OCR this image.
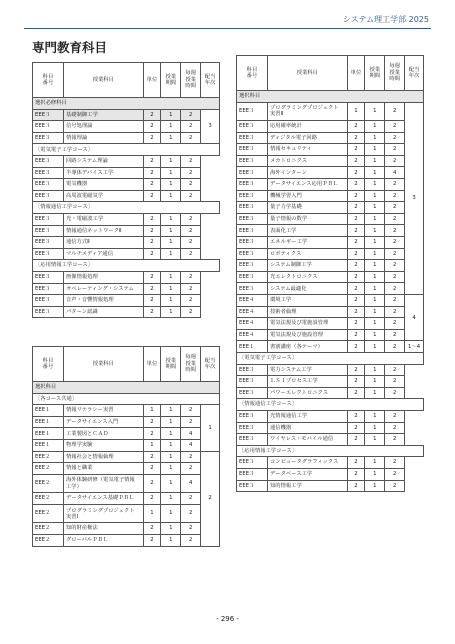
システム理工学部 2025
専門教育科目
科目
番号	授業科目	単位	授業
期間	毎週
授業
時間	配当
年次
選択必修科目					
EEE３	基礎制御工学	2	1	2	3
EEE３	信号処理論	2	1	2	
EEE３	情報理論	2	1	2	
〔電気電子工学コース〕					
EEE３	回路システム理論	2	1	2	
EEE３	半導体デバイス工学	2	1	2	
EEE３	電気機器	2	1	2	
EEE３	高周波電磁気学	2	1	2	
〔情報通信工学コース〕					
EEE３	光・電磁波工学	2	1	2	
EEE３	情報通信ネットワークⅡ	2	1	2	
EEE３	通信方式Ⅱ	2	1	2	
EEE３	マルチメディア通信	2	1	2	
〔応用情報工学コース〕					
EEE３	画像情報処理	2	1	2	
EEE３	オペレーティング・システム	2	1	2	
EEE３	音声・音響情報処理	2	1	2	
EEE３	パターン認識	2	1	2	
科目
番号	授業科目	単位	授業
期間	毎週
授業
時間	配当
年次
選択科目					
〔各コース共通〕					
EEE１	情報リテラシー実習	1	1	2	1
EEE１	データサイエンス入門	2	1	2	
EEE１	工業製図とＣＡＤ	2	1	4	
EEE１	物理学実験	1	1	4	
EEE２	情報社会と情報倫理	2	1	2	2
EEE２	情報と職業	2	1	2	
EEE２	海外体験研修（電気電子情報
工学）	2	1	4	
EEE２	データサイエンス基礎ＰＢＬ	2	1	2	
EEE２	プログラミングプロジェクト
実習Ⅰ	1	1	2	
EEE２	知的財産権法	2	1	2	
EEE２	グローバルＰＢＬ	2	1	2	
科目
番号	授業科目	単位	授業
期間	毎週
授業
時間	配当
年次
選択科目					
EEE３	プログラミングプロジェクト
実習Ⅱ	1	1	2	3
EEE３	応用確率統計	2	1	2	
EEE３	ディジタル電子回路	2	1	2	
EEE３	情報セキュリティ	2	1	2	
EEE３	メカトロニクス	2	1	2	
EEE３	海外インターン	2	1	4	
EEE３	データサイエンス応用ＰＢＬ	2	1	2	
EEE３	機械学習入門	2	1	2	
EEE３	量子力学基礎	2	1	2	
EEE３	量子情報の数学	2	1	2	
EEE３	表面化工学	2	1	2	
EEE３	エネルギー工学	2	1	2	
EEE３	ロボティクス	2	1	2	
EEE３	システム制御工学	2	1	2	
EEE３	光エレクトロニクス	2	1	2	
EEE３	システム最適化	2	1	2	
EEE４	環境工学	2	1	2	4
EEE４	技術者倫理	2	1	2	
EEE４	電気法規及び電施設管理	2	1	2	
EEE４	電気法規及び施設管理	2	1	2	
EEE１	書割講座（各テーマ）	2	1	2	1～4
〔電気電子工学コース〕					
EEE３	電力システム工学	2	1	2	
EEE３	ＬＳＩプロセス工学	2	1	2	
EEE３	パワーエレクトロニクス	2	1	2	
〔情報通信工学コース〕					
EEE３	光情報通信工学	2	1	2	
EEE３	通信機器	2	1	2	
EEE３	ワイヤレス・モバイル通信	2	1	2	
〔応用情報工学コース〕					
EEE３	コンピュータグラフィックス	2	1	2	
EEE３	データベース工学	2	1	2	
EEE３	知的情報工学	2	1	2	
- 296 -
